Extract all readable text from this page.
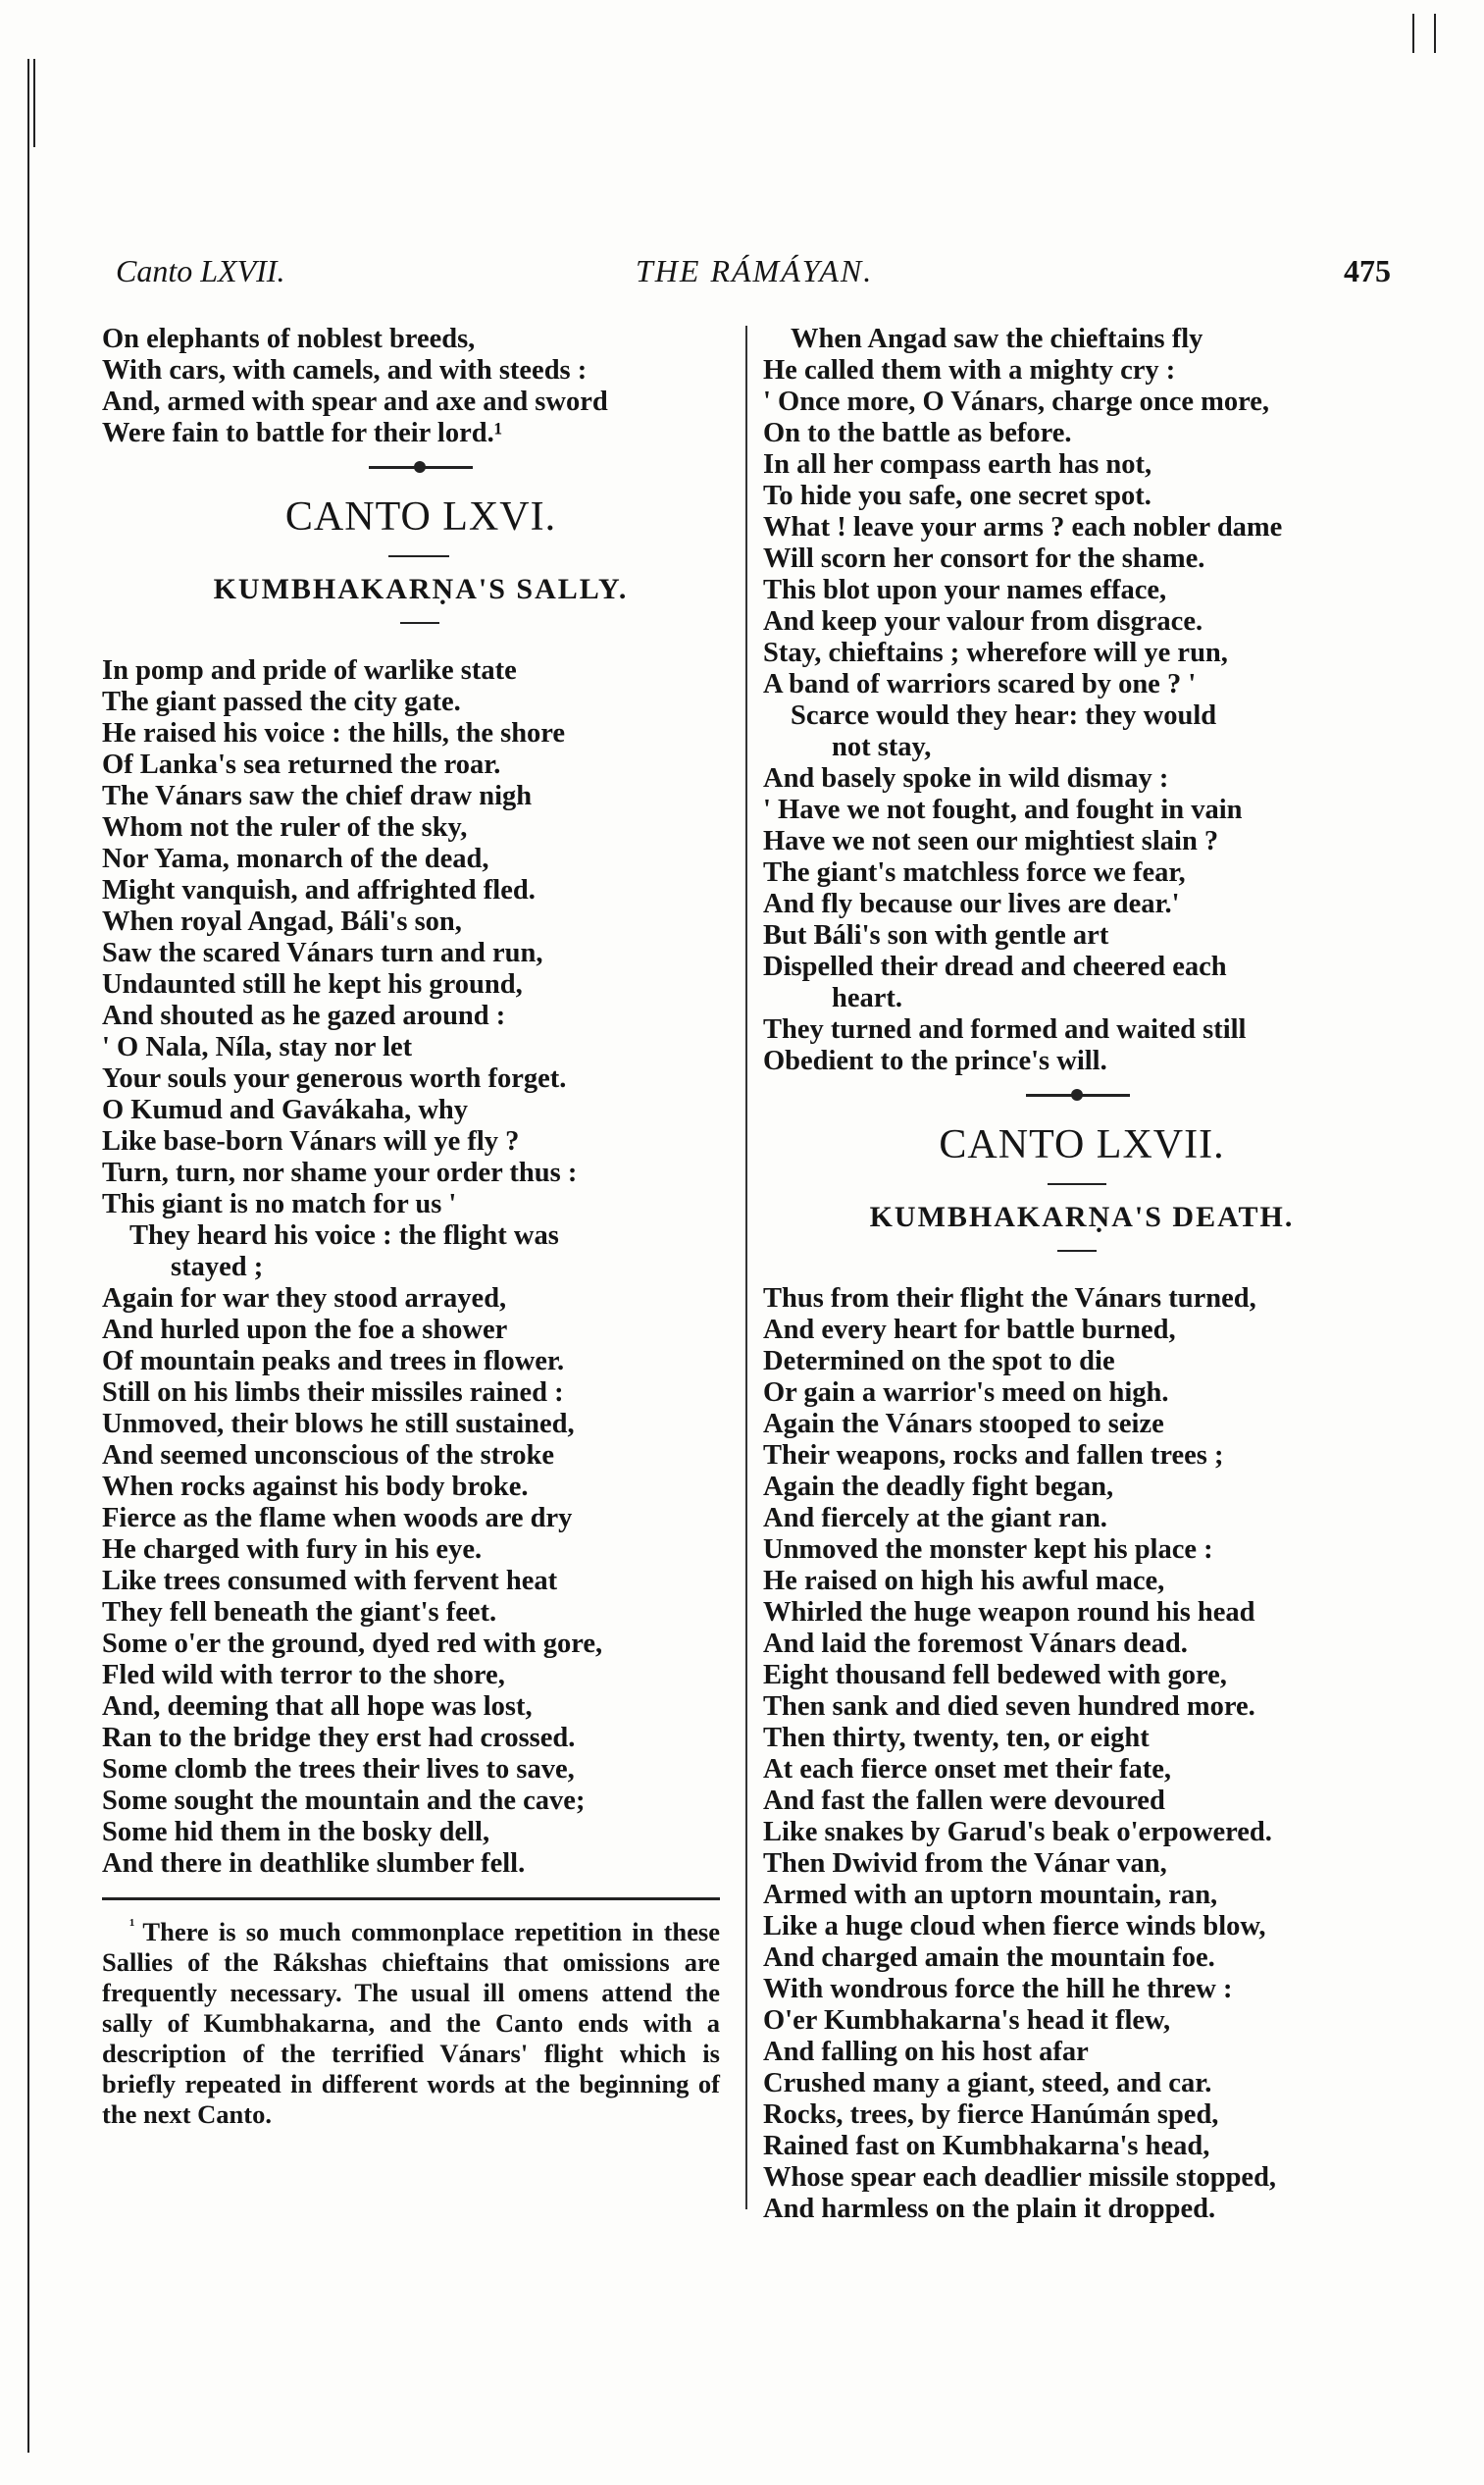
Canto LXVII.	THE RÁMÁYAN.	475
On elephants of noblest breeds,
With cars, with camels, and with steeds :
And, armed with spear and axe and sword
Were fain to battle for their lord.¹
CANTO LXVI.
KUMBHAKARṆA'S SALLY.
In pomp and pride of warlike state
The giant passed the city gate.
He raised his voice : the hills, the shore
Of Lanka's sea returned the roar.
The Vánars saw the chief draw nigh
Whom not the ruler of the sky,
Nor Yama, monarch of the dead,
Might vanquish, and affrighted fled.
When royal Angad, Báli's son,
Saw the scared Vánars turn and run,
Undaunted still he kept his ground,
And shouted as he gazed around :
' O Nala, Níla, stay nor let
Your souls your generous worth forget.
O Kumud and Gavákaha, why
Like base-born Vánars will ye fly ?
Turn, turn, nor shame your order thus :
This giant is no match for us '
They heard his voice : the flight was
stayed ;
Again for war they stood arrayed,
And hurled upon the foe a shower
Of mountain peaks and trees in flower.
Still on his limbs their missiles rained :
Unmoved, their blows he still sustained,
And seemed unconscious of the stroke
When rocks against his body broke.
Fierce as the flame when woods are dry
He charged with fury in his eye.
Like trees consumed with fervent heat
They fell beneath the giant's feet.
Some o'er the ground, dyed red with gore,
Fled wild with terror to the shore,
And, deeming that all hope was lost,
Ran to the bridge they erst had crossed.
Some clomb the trees their lives to save,
Some sought the mountain and the cave;
Some hid them in the bosky dell,
And there in deathlike slumber fell.
$^{^1}$ There is so much commonplace repetition in these Sallies of the Rákshas chieftains that omissions are frequently necessary. The usual ill omens attend the sally of Kumbhakarna, and the Canto ends with a description of the terrified Vánars' flight which is briefly repeated in different words at the beginning of the next Canto.
When Angad saw the chieftains fly
He called them with a mighty cry :
' Once more, O Vánars, charge once more,
On to the battle as before.
In all her compass earth has not,
To hide you safe, one secret spot.
What ! leave your arms ? each nobler dame
Will scorn her consort for the shame.
This blot upon your names efface,
And keep your valour from disgrace.
Stay, chieftains ; wherefore will ye run,
A band of warriors scared by one ? '
Scarce would they hear: they would
not stay,
And basely spoke in wild dismay :
' Have we not fought, and fought in vain
Have we not seen our mightiest slain ?
The giant's matchless force we fear,
And fly because our lives are dear.'
But Báli's son with gentle art
Dispelled their dread and cheered each
heart.
They turned and formed and waited still
Obedient to the prince's will.
CANTO LXVII.
KUMBHAKARṆA'S DEATH.
Thus from their flight the Vánars turned,
And every heart for battle burned,
Determined on the spot to die
Or gain a warrior's meed on high.
Again the Vánars stooped to seize
Their weapons, rocks and fallen trees ;
Again the deadly fight began,
And fiercely at the giant ran.
Unmoved the monster kept his place :
He raised on high his awful mace,
Whirled the huge weapon round his head
And laid the foremost Vánars dead.
Eight thousand fell bedewed with gore,
Then sank and died seven hundred more.
Then thirty, twenty, ten, or eight
At each fierce onset met their fate,
And fast the fallen were devoured
Like snakes by Garud's beak o'erpowered.
Then Dwivid from the Vánar van,
Armed with an uptorn mountain, ran,
Like a huge cloud when fierce winds blow,
And charged amain the mountain foe.
With wondrous force the hill he threw :
O'er Kumbhakarna's head it flew,
And falling on his host afar
Crushed many a giant, steed, and car.
Rocks, trees, by fierce Hanúmán sped,
Rained fast on Kumbhakarna's head,
Whose spear each deadlier missile stopped,
And harmless on the plain it dropped.
